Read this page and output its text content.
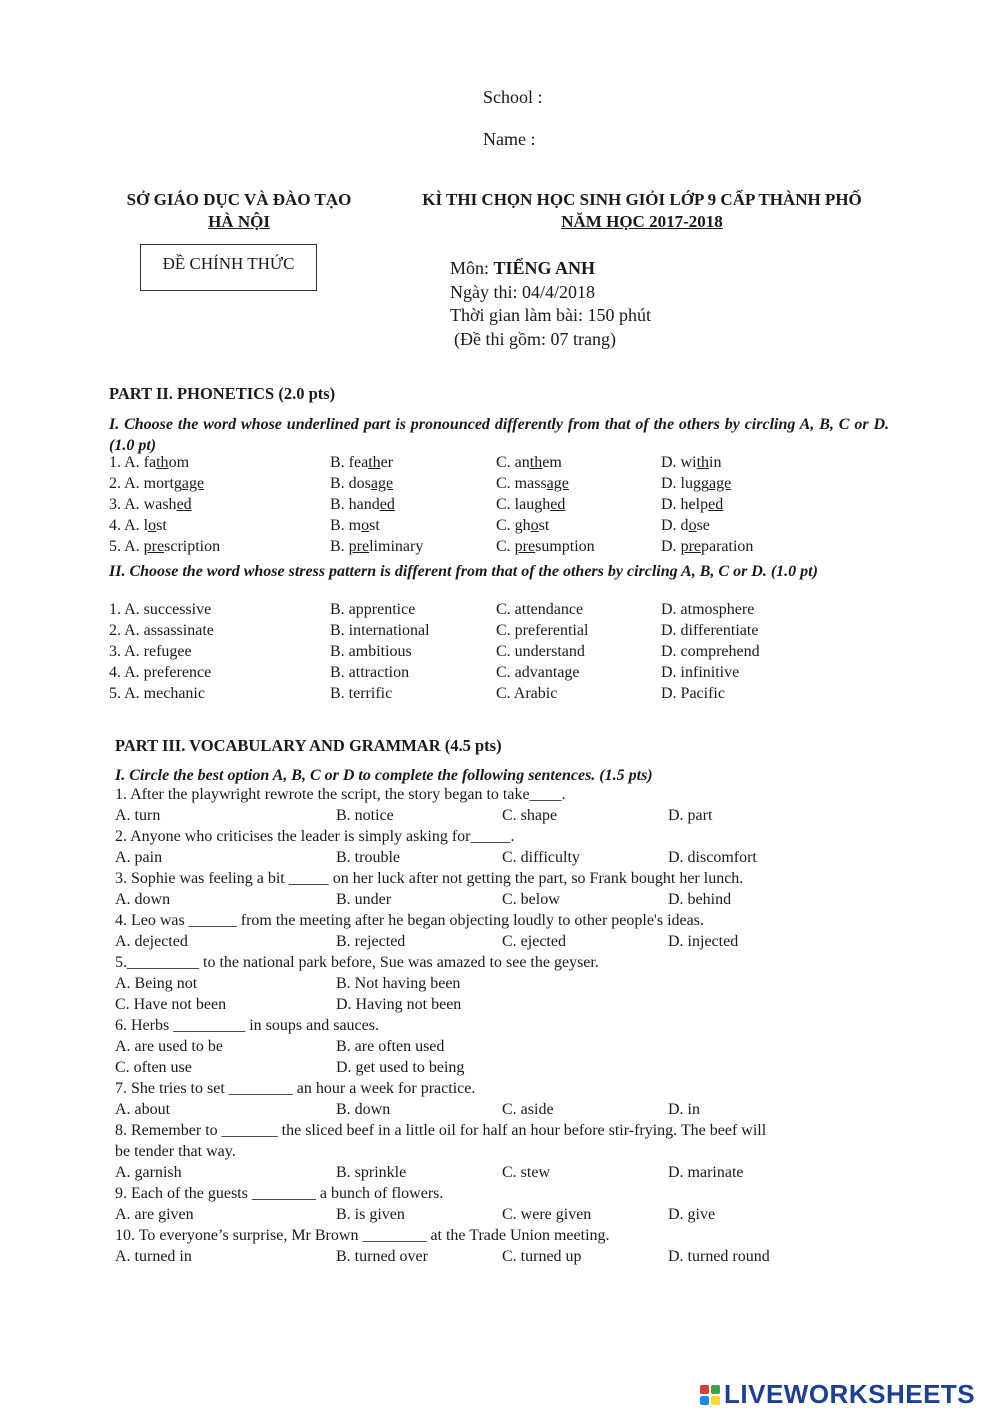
School :
Name :
SỞ GIÁO DỤC VÀ ĐÀO TẠO
HÀ NỘI
KÌ THI CHỌN HỌC SINH GIỎI LỚP 9 CẤP THÀNH PHỐ
NĂM HỌC 2017-2018
ĐỀ CHÍNH THỨC	Môn: TIẾNG ANH
Ngày thi: 04/4/2018
Thời gian làm bài: 150 phút
(Đề thi gồm: 07 trang)
PART II. PHONETICS (2.0 pts)
I. Choose the word whose underlined part is pronounced differently from that of the others by circling A, B, C or D. (1.0 pt)
1. A. fathom	B. feather	C. anthem	D. within
2. A. mortgage	B. dosage	C. massage	D. luggage
3. A. washed	B. handed	C. laughed	D. helped
4. A. lost	B. most	C. ghost	D. dose
5. A. prescription	B. preliminary	C. presumption	D. preparation
II. Choose the word whose stress pattern is different from that of the others by circling A, B, C or D. (1.0 pt)
1. A. successive	B. apprentice	C. attendance	D. atmosphere
2. A. assassinate	B. international	C. preferential	D. differentiate
3. A. refugee	B. ambitious	C. understand	D. comprehend
4. A. preference	B. attraction	C. advantage	D. infinitive
5. A. mechanic	B. terrific	C. Arabic	D. Pacific
PART III. VOCABULARY AND GRAMMAR (4.5 pts)
I. Circle the best option A, B, C or D to complete the following sentences. (1.5 pts)
1. After the playwright rewrote the script, the story began to take____.
A. turn	B. notice	C. shape	D. part
2. Anyone who criticises the leader is simply asking for_____.
A. pain	B. trouble	C. difficulty	D. discomfort
3. Sophie was feeling a bit _____ on her luck after not getting the part, so Frank bought her lunch.
A. down	B. under	C. below	D. behind
4. Leo was ______ from the meeting after he began objecting loudly to other people's ideas.
A. dejected	B. rejected	C. ejected	D. injected
5._________ to the national park before, Sue was amazed to see the geyser.
A. Being not	B. Not having been
C. Have not been	D. Having not been
6. Herbs _________ in soups and sauces.
A. are used to be	B. are often used
C. often use	D. get used to being
7. She tries to set ________ an hour a week for practice.
A. about	B. down	C. aside	D. in
8. Remember to _______ the sliced beef in a little oil for half an hour before stir-frying. The beef will
be tender that way.
A. garnish	B. sprinkle	C. stew	D. marinate
9. Each of the guests ________ a bunch of flowers.
A. are given	B. is given	C. were given	D. give
10. To everyone’s surprise, Mr Brown ________ at the Trade Union meeting.
A. turned in	B. turned over	C. turned up	D. turned round
LIVEWORKSHEETS
